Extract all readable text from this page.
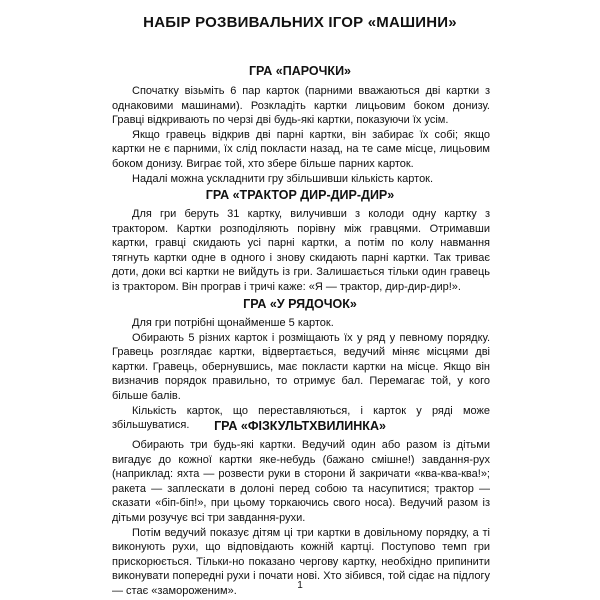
НАБІР РОЗВИВАЛЬНИХ ІГОР «МАШИНИ»
ГРА «ПАРОЧКИ»

Спочатку візьміть 6 пар карток (парними вважаються дві картки з однаковими машинами). Розкладіть картки лицьовим боком донизу. Гравці відкривають по черзі дві будь-які картки, показуючи їх усім.

Якщо гравець відкрив дві парні картки, він забирає їх собі; якщо картки не є парними, їх слід покласти назад, на те саме місце, лицьовим боком донизу. Виграє той, хто збере більше парних карток.

Надалі можна ускладнити гру збільшивши кількість карток.

ГРА «ТРАКТОР ДИР-ДИР-ДИР»

Для гри беруть 31 картку, вилучивши з колоди одну картку з трактором. Картки розподіляють порівну між гравцями. Отримавши картки, гравці скидають усі парні картки, а потім по колу навмання тягнуть картки одне в одного і знову скидають парні картки. Так триває доти, доки всі картки не вийдуть із гри. Залишається тільки один гравець із трактором. Він програв і тричі каже: «Я — трактор, дир-дир-дир!».

ГРА «У РЯДОЧОК»

Для гри потрібні щонайменше 5 карток.

Обирають 5 різних карток і розміщають їх у ряд у певному порядку. Гравець розглядає картки, відвертається, ведучий міняє місцями дві картки. Гравець, обернувшись, має покласти картки на місце. Якщо він визначив порядок правильно, то отримує бал. Перемагає той, у кого більше балів.

Кількість карток, що переставляються, і карток у ряді може збільшуватися.	ГРА «ФІЗКУЛЬТХВИЛИНКА»

Обирають три будь-які картки. Ведучий один або разом із дітьми вигадує до кожної картки яке-небудь (бажано смішне!) завдання-рух (наприклад: яхта — розвести руки в сторони й закричати «ква-ква-ква!»; ракета — заплескати в долоні перед собою та насупитися; трактор — сказати «біп-біп!», при цьому торкаючись свого носа). Ведучий разом із дітьми розучує всі три завдання-рухи.

Потім ведучий показує дітям ці три картки в довільному порядку, а ті виконують рухи, що відповідають кожній картці. Поступово темп гри прискорюється. Тільки-но показано чергову картку, необхідно припинити виконувати попередні рухи і почати нові. Хто зібився, той сідає на підлогу — стає «замороженим».	1
